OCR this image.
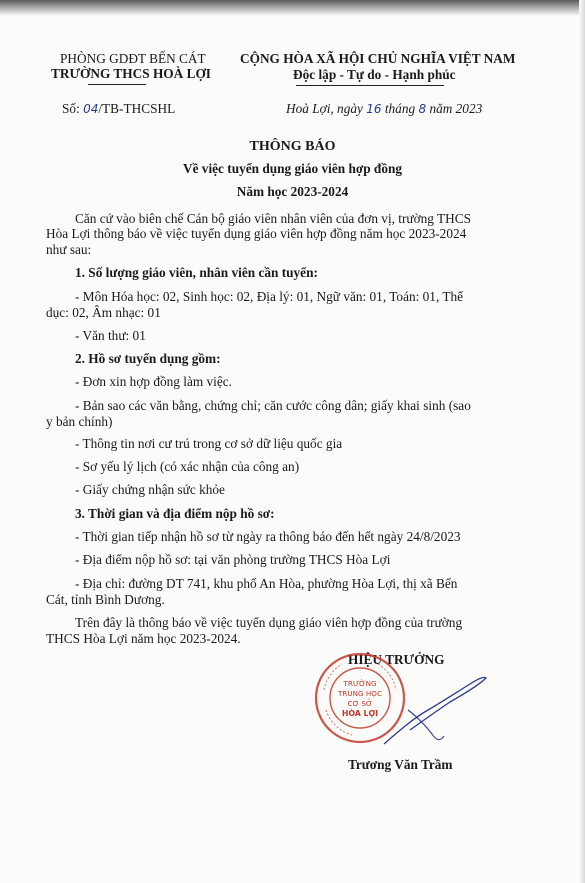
PHÒNG GDĐT BẾN CÁT
TRƯỜNG THCS HOÀ LỢI
CỘNG HÒA XÃ HỘI CHỦ NGHĨA VIỆT NAM
Độc lập - Tự do - Hạnh phúc
Số: 04/TB-THCSHL	Hoà Lợi, ngày 16 tháng 8 năm 2023
THÔNG BÁO
Về việc tuyển dụng giáo viên hợp đồng
Năm học 2023-2024
Căn cứ vào biên chế Cán bộ giáo viên nhân viên của đơn vị, trường THCS
Hòa Lợi thông báo về việc tuyển dụng giáo viên hợp đồng năm học 2023-2024
như sau:
1. Số lượng giáo viên, nhân viên cần tuyển:
- Môn Hóa học: 02, Sinh học: 02, Địa lý: 01, Ngữ văn: 01, Toán: 01, Thể
dục: 02, Âm nhạc: 01
- Văn thư: 01
2. Hồ sơ tuyển dụng gồm:
- Đơn xin hợp đồng làm việc.
- Bản sao các văn bằng, chứng chỉ; căn cước công dân; giấy khai sinh (sao
y bản chính)
- Thông tin nơi cư trú trong cơ sở dữ liệu quốc gia
- Sơ yếu lý lịch (có xác nhận của công an)
- Giấy chứng nhận sức khỏe
3. Thời gian và địa điểm nộp hồ sơ:
- Thời gian tiếp nhận hồ sơ từ ngày ra thông báo đến hết ngày 24/8/2023
- Địa điểm nộp hồ sơ: tại văn phòng trường THCS Hòa Lợi
- Địa chỉ: đường DT 741, khu phố An Hòa, phường Hòa Lợi, thị xã Bến
Cát, tỉnh Bình Dương.
Trên đây là thông báo về việc tuyển dụng giáo viên hợp đồng của trường
THCS Hòa Lợi năm học 2023-2024.
HIỆU TRƯỞNG
TRƯỜNG
TRUNG HỌC
CƠ SỞ
HÒA LỢI
Trương Văn Trầm
